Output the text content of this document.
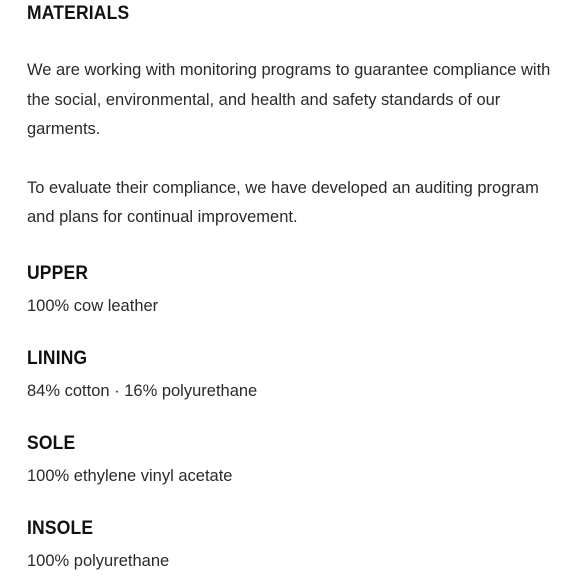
MATERIALS

We are working with monitoring programs to guarantee compliance with the social, environmental, and health and safety standards of our garments.

To evaluate their compliance, we have developed an auditing program and plans for continual improvement.

UPPER
100% cow leather
LINING
84% cotton · 16% polyurethane
SOLE
100% ethylene vinyl acetate
INSOLE
100% polyurethane
